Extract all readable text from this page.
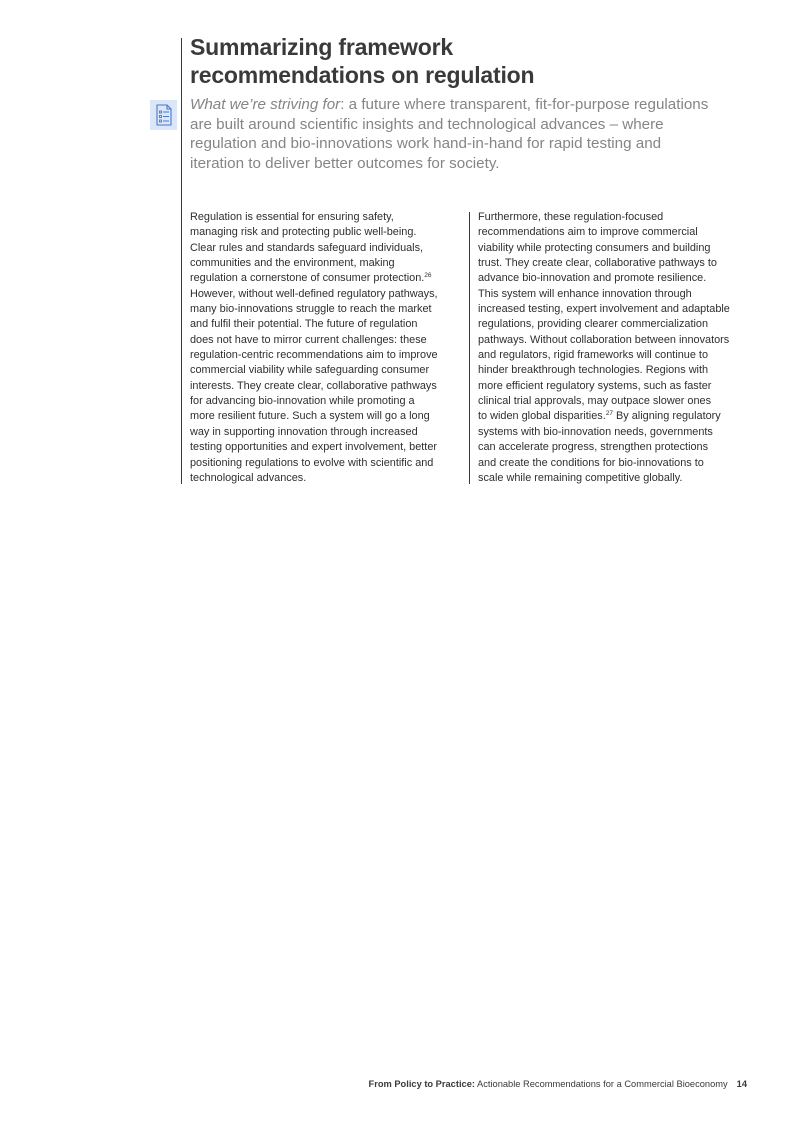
Summarizing framework
recommendations on regulation

What we’re striving for: a future where transparent, fit-for-purpose regulations
are built around scientific insights and technological advances – where
regulation and bio-innovations work hand-in-hand for rapid testing and
iteration to deliver better outcomes for society.

Regulation is essential for ensuring safety,
managing risk and protecting public well-being.
Clear rules and standards safeguard individuals,
communities and the environment, making
regulation a cornerstone of consumer protection.$^{26}$
However, without well-defined regulatory pathways,
many bio-innovations struggle to reach the market
and fulfil their potential. The future of regulation
does not have to mirror current challenges: these
regulation-centric recommendations aim to improve
commercial viability while safeguarding consumer
interests. They create clear, collaborative pathways
for advancing bio-innovation while promoting a
more resilient future. Such a system will go a long
way in supporting innovation through increased
testing opportunities and expert involvement, better
positioning regulations to evolve with scientific and
technological advances.

Furthermore, these regulation-focused
recommendations aim to improve commercial
viability while protecting consumers and building
trust. They create clear, collaborative pathways to
advance bio-innovation and promote resilience.
This system will enhance innovation through
increased testing, expert involvement and adaptable
regulations, providing clearer commercialization
pathways. Without collaboration between innovators
and regulators, rigid frameworks will continue to
hinder breakthrough technologies. Regions with
more efficient regulatory systems, such as faster
clinical trial approvals, may outpace slower ones
to widen global disparities.$^{27}$ By aligning regulatory
systems with bio-innovation needs, governments
can accelerate progress, strengthen protections
and create the conditions for bio-innovations to
scale while remaining competitive globally.

From Policy to Practice: Actionable Recommendations for a Commercial Bioeconomy 14
